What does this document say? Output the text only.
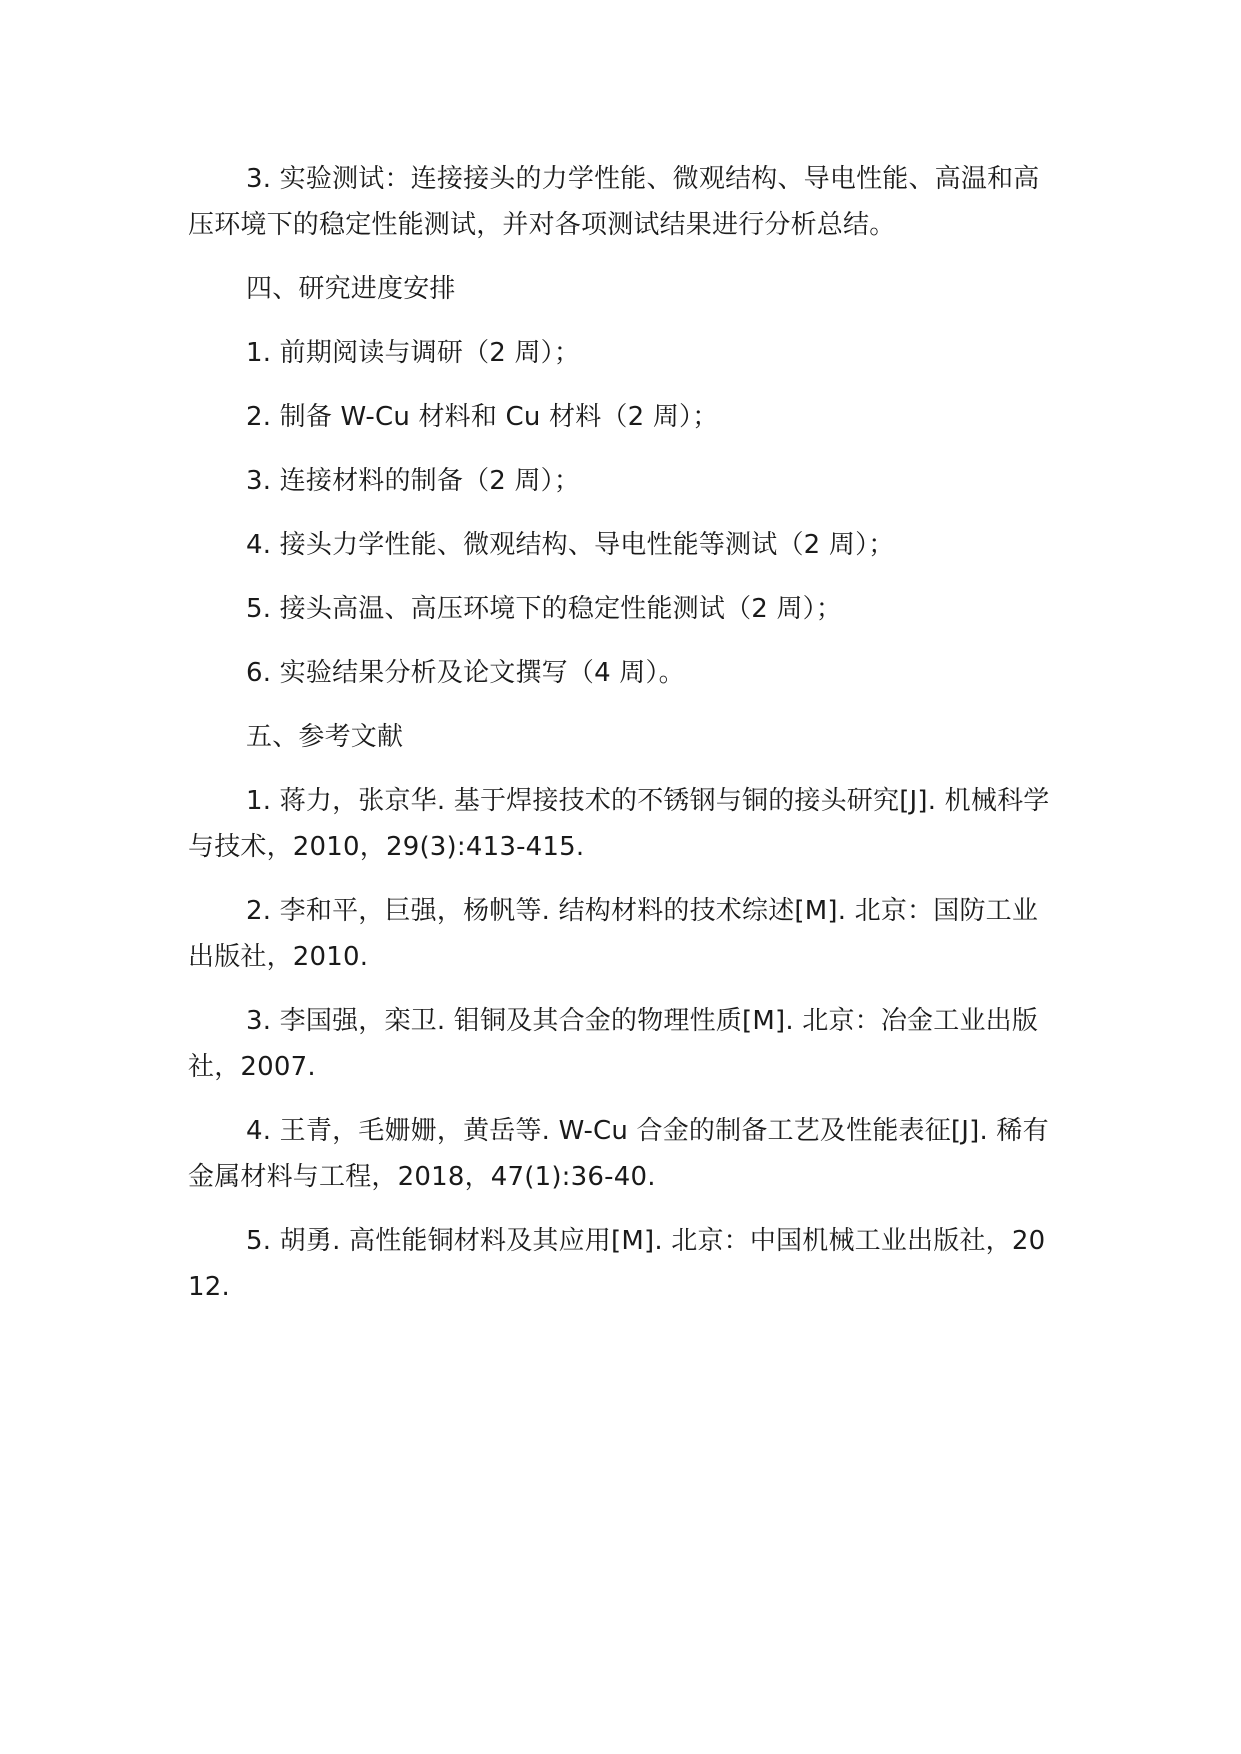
3. 实验测试：连接接头的力学性能、微观结构、导电性能、高温和高压环境下的稳定性能测试，并对各项测试结果进行分析总结。

四、研究进度安排

1. 前期阅读与调研（2 周）；

2. 制备 W-Cu 材料和 Cu 材料（2 周）；

3. 连接材料的制备（2 周）；

4. 接头力学性能、微观结构、导电性能等测试（2 周）；

5. 接头高温、高压环境下的稳定性能测试（2 周）；

6. 实验结果分析及论文撰写（4 周）。

五、参考文献

1. 蒋力，张京华. 基于焊接技术的不锈钢与铜的接头研究[J]. 机械科学与技术，2010，29(3):413-415.

2. 李和平，巨强，杨帆等. 结构材料的技术综述[M]. 北京：国防工业出版社，2010.

3. 李国强，栾卫. 钼铜及其合金的物理性质[M]. 北京：冶金工业出版社，2007.

4. 王青，毛姗姗，黄岳等. W-Cu 合金的制备工艺及性能表征[J]. 稀有金属材料与工程，2018，47(1):36-40.

5. 胡勇. 高性能铜材料及其应用[M]. 北京：中国机械工业出版社，2012.
